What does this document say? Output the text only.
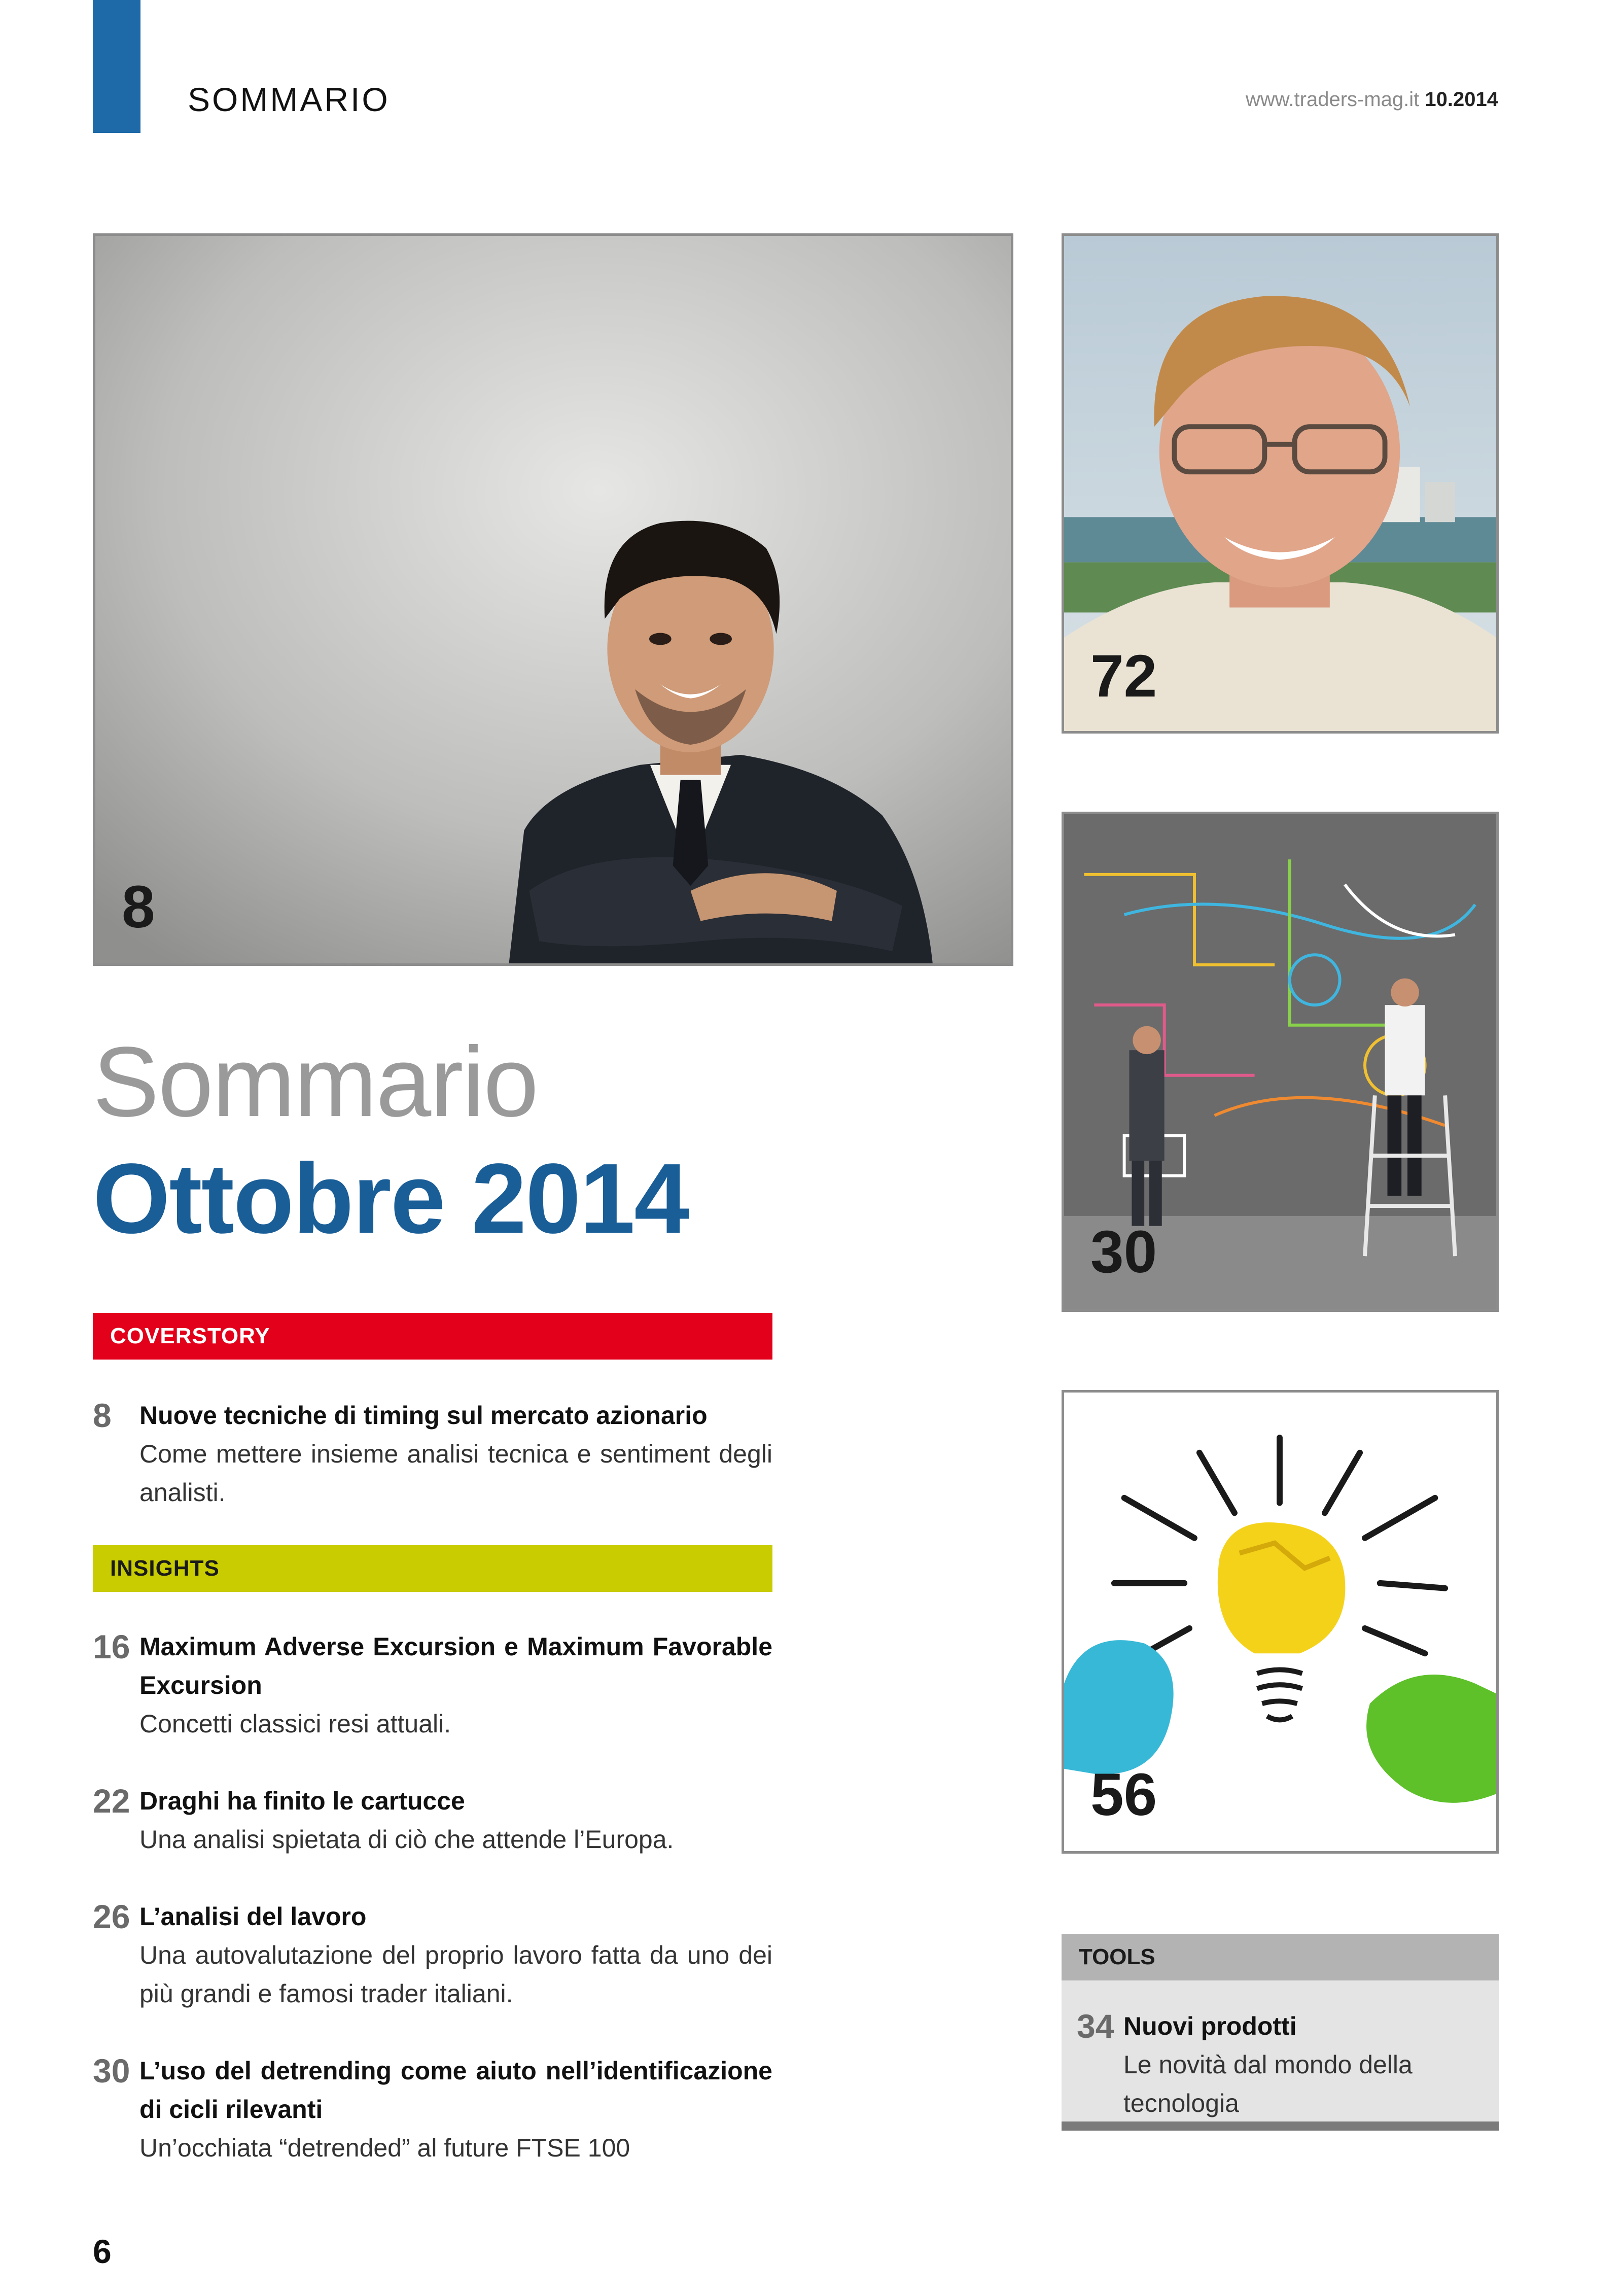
SOMMARIO	www.traders-mag.it 10.2014
8
72
30
56
Sommario
Ottobre 2014
COVERSTORY
8 Nuove tecniche di timing sul mercato azionario
Come mettere insieme analisi tecnica e sentiment degli analisti.
INSIGHTS
16 Maximum Adverse Excursion e Maximum Favorable Excursion
Concetti classici resi attuali.
22 Draghi ha finito le cartucce
Una analisi spietata di ciò che attende l’Europa.
26 L’analisi del lavoro
Una autovalutazione del proprio lavoro fatta da uno dei più grandi e famosi trader italiani.
30 L’uso del detrending come aiuto nell’identificazione di cicli rilevanti
Un’occhiata “detrended” al future FTSE 100
TOOLS
34 Nuovi prodotti
Le novità dal mondo della tecnologia
6
